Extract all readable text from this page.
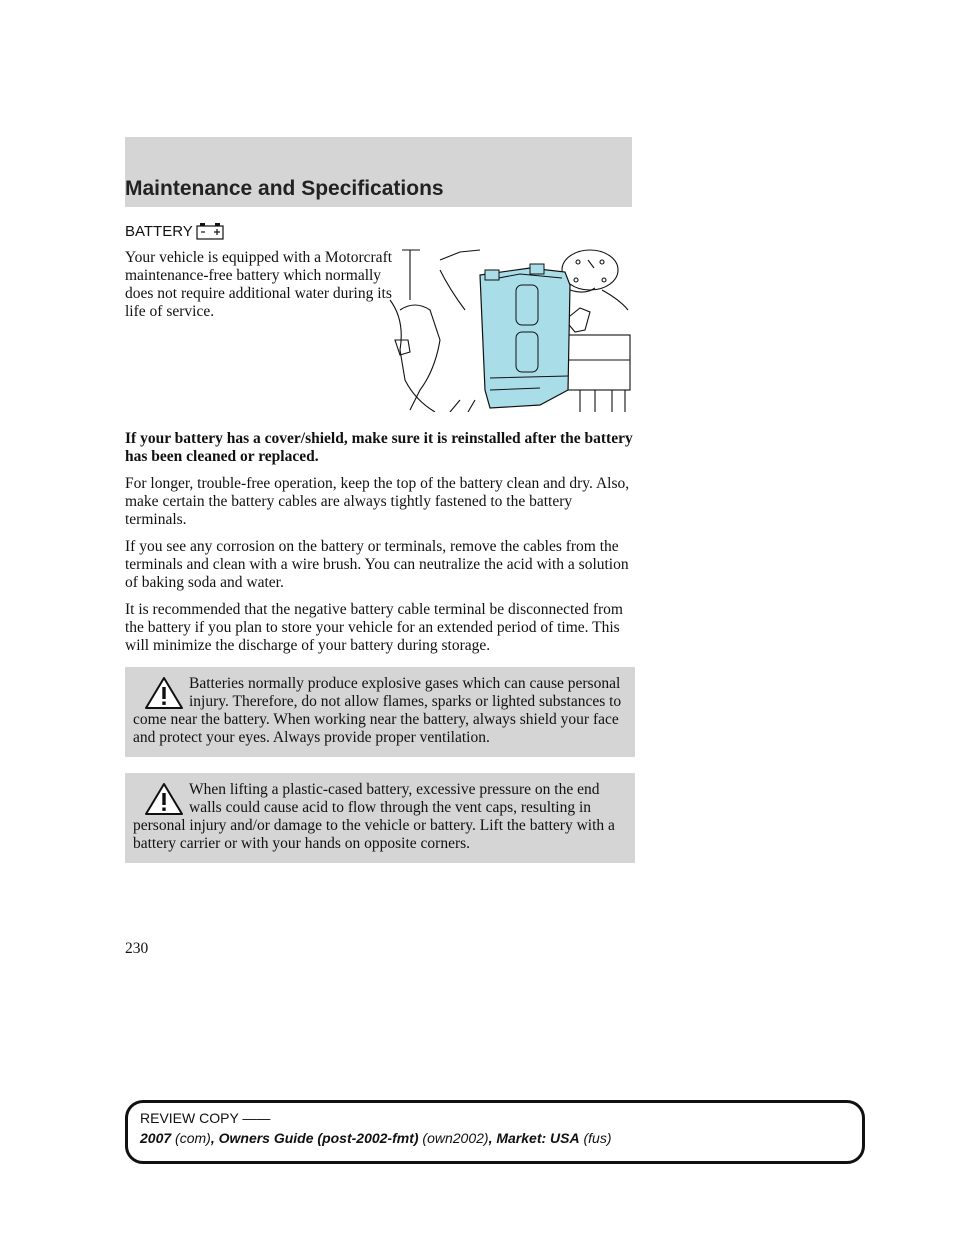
Maintenance and Specifications
BATTERY
Your vehicle is equipped with a Motorcraft maintenance-free battery which normally does not require additional water during its life of service.

If your battery has a cover/shield, make sure it is reinstalled after the battery has been cleaned or replaced.

For longer, trouble-free operation, keep the top of the battery clean and dry. Also, make certain the battery cables are always tightly fastened to the battery terminals.

If you see any corrosion on the battery or terminals, remove the cables from the terminals and clean with a wire brush. You can neutralize the acid with a solution of baking soda and water.

It is recommended that the negative battery cable terminal be disconnected from the battery if you plan to store your vehicle for an extended period of time. This will minimize the discharge of your battery during storage.

Batteries normally produce explosive gases which can cause personal injury. Therefore, do not allow flames, sparks or lighted substances to come near the battery. When working near the battery, always shield your face and protect your eyes. Always provide proper ventilation.
When lifting a plastic-cased battery, excessive pressure on the end walls could cause acid to flow through the vent caps, resulting in personal injury and/or damage to the vehicle or battery. Lift the battery with a battery carrier or with your hands on opposite corners.
230
REVIEW COPY ——
2007 (com), Owners Guide (post-2002-fmt) (own2002), Market: USA (fus)
